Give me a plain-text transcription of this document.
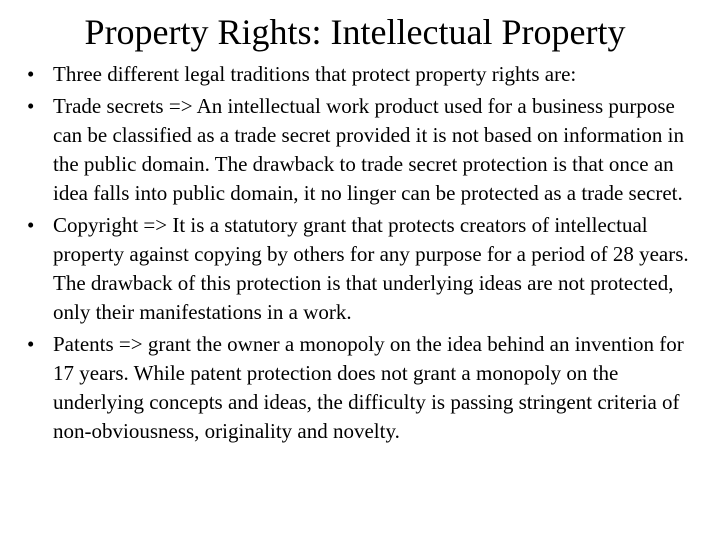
Property Rights: Intellectual Property
• Three different legal traditions that protect property rights are:
• Trade secrets => An intellectual work product used for a business purpose can be classified as a trade secret provided it is not based on information in the public domain. The drawback to trade secret protection is that once an idea falls into public domain, it no linger can be protected as a trade secret.
• Copyright => It is a statutory grant that protects creators of intellectual property against copying by others for any purpose for a period of 28 years. The drawback of this protection is that underlying ideas are not protected, only their manifestations in a work.
• Patents => grant the owner a monopoly on the idea behind an invention for 17 years. While patent protection does not grant a monopoly on the underlying concepts and ideas, the difficulty is passing stringent criteria of non-obviousness, originality and novelty.
